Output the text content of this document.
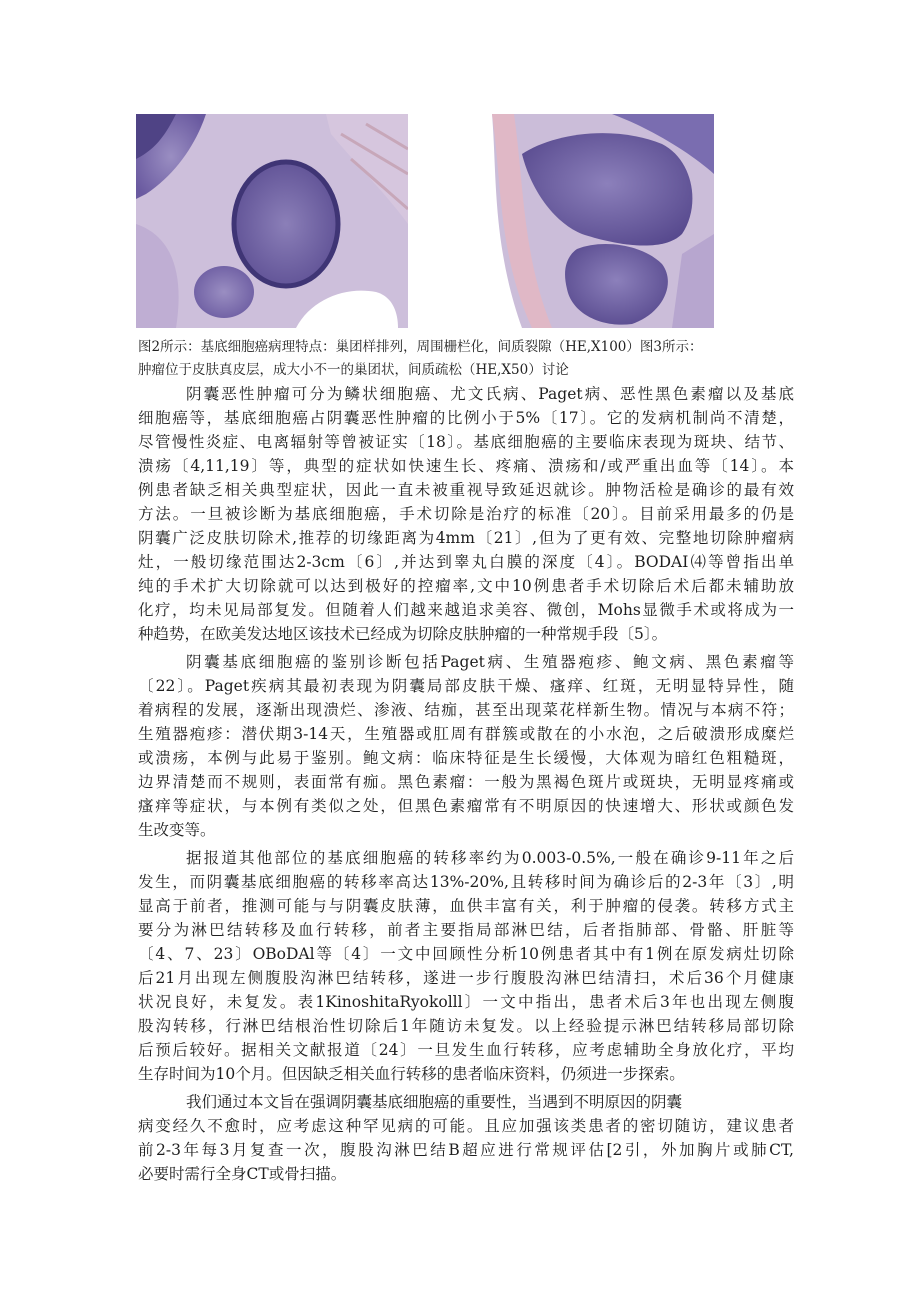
图2所示：基底细胞癌病理特点：巢团样排列，周围栅栏化，间质裂隙（HE,X100）图3所示：
肿瘤位于皮肤真皮层，成大小不一的巢团状，间质疏松（HE,X50）讨论
阴囊恶性肿瘤可分为鳞状细胞癌、尤文氏病、Paget病、恶性黑色素瘤以及基底
细胞癌等，基底细胞癌占阴囊恶性肿瘤的比例小于5%〔17〕。它的发病机制尚不清楚，
尽管慢性炎症、电离辐射等曾被证实〔18〕。基底细胞癌的主要临床表现为斑块、结节、
溃疡〔4,11,19〕等，典型的症状如快速生长、疼痛、溃疡和/或严重出血等〔14〕。本
例患者缺乏相关典型症状，因此一直未被重视导致延迟就诊。肿物活检是确诊的最有效
方法。一旦被诊断为基底细胞癌，手术切除是治疗的标准〔20〕。目前采用最多的仍是
阴囊广泛皮肤切除术,推荐的切缘距离为4mm〔21〕,但为了更有效、完整地切除肿瘤病
灶，一般切缘范围达2-3cm〔6〕,并达到睾丸白膜的深度〔4〕。BODAI⑷等曾指出单
纯的手术扩大切除就可以达到极好的控瘤率,文中10例患者手术切除后术后都未辅助放
化疗，均未见局部复发。但随着人们越来越追求美容、微创，Mohs显微手术或将成为一
种趋势，在欧美发达地区该技术已经成为切除皮肤肿瘤的一种常规手段〔5〕。
阴囊基底细胞癌的鉴别诊断包括Paget病、生殖器疱疹、鲍文病、黑色素瘤等
〔22〕。Paget疾病其最初表现为阴囊局部皮肤干燥、瘙痒、红斑，无明显特异性，随
着病程的发展，逐渐出现溃烂、渗液、结痂，甚至出现菜花样新生物。情况与本病不符；
生殖器疱疹：潜伏期3-14天，生殖器或肛周有群簇或散在的小水泡，之后破溃形成糜烂
或溃疡，本例与此易于鉴别。鲍文病：临床特征是生长缓慢，大体观为暗红色粗糙斑，
边界清楚而不规则，表面常有痂。黑色素瘤：一般为黑褐色斑片或斑块，无明显疼痛或
瘙痒等症状，与本例有类似之处，但黑色素瘤常有不明原因的快速增大、形状或颜色发
生改变等。
据报道其他部位的基底细胞癌的转移率约为0.003-0.5%,一般在确诊9-11年之后
发生，而阴囊基底细胞癌的转移率高达13%-20%,且转移时间为确诊后的2-3年〔3〕,明
显高于前者，推测可能与与阴囊皮肤薄，血供丰富有关，利于肿瘤的侵袭。转移方式主
要分为淋巴结转移及血行转移，前者主要指局部淋巴结，后者指肺部、骨骼、肝脏等
〔4、7、23〕OBoDAl等〔4〕一文中回顾性分析10例患者其中有1例在原发病灶切除
后21月出现左侧腹股沟淋巴结转移，遂进一步行腹股沟淋巴结清扫，术后36个月健康
状况良好，未复发。表1KinoshitaRyokolll〕一文中指出，患者术后3年也出现左侧腹
股沟转移，行淋巴结根治性切除后1年随访未复发。以上经验提示淋巴结转移局部切除
后预后较好。据相关文献报道〔24〕一旦发生血行转移，应考虑辅助全身放化疗，平均
生存时间为10个月。但因缺乏相关血行转移的患者临床资料，仍须进一步探索。
我们通过本文旨在强调阴囊基底细胞癌的重要性，当遇到不明原因的阴囊
病变经久不愈时，应考虑这种罕见病的可能。且应加强该类患者的密切随访，建议患者
前2-3年每3月复查一次，腹股沟淋巴结B超应进行常规评估[2引，外加胸片或肺CT,
必要时需行全身CT或骨扫描。
